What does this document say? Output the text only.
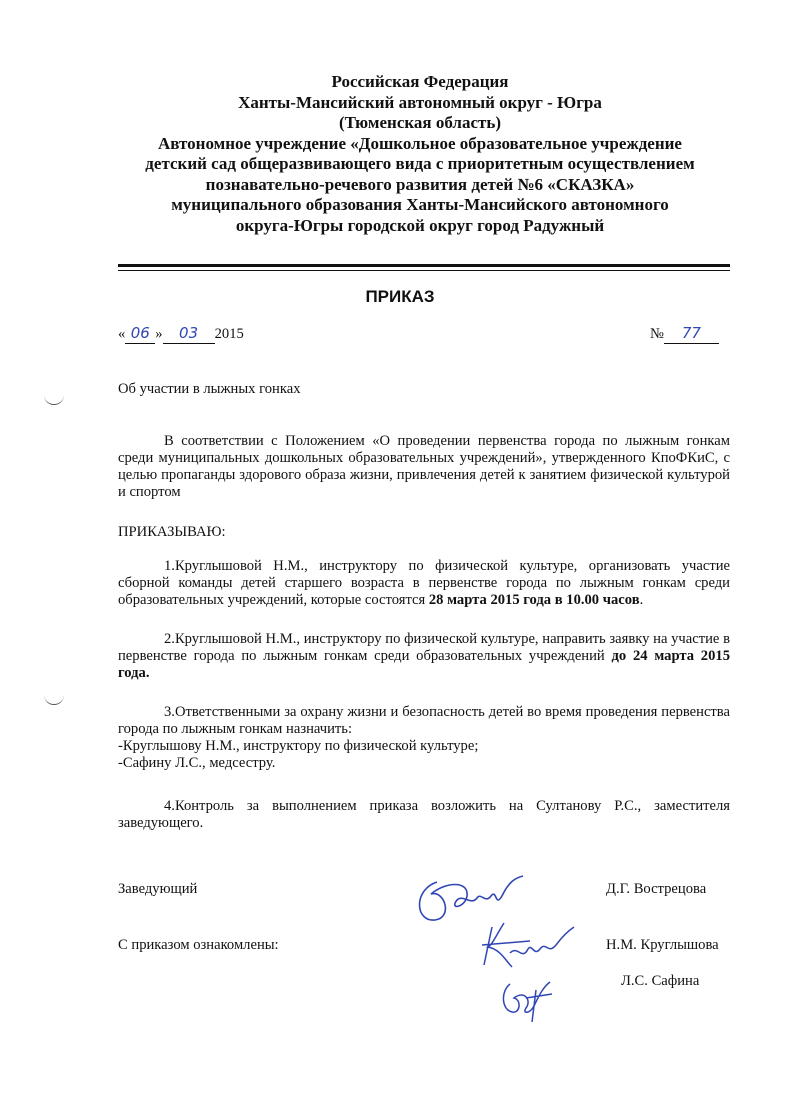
Российская Федерация
Ханты-Мансийский автономный округ - Югра
(Тюменская область)
Автономное учреждение «Дошкольное образовательное учреждение
детский сад общеразвивающего вида с приоритетным осуществлением
познавательно-речевого развития детей №6 «СКАЗКА»
муниципального образования Ханты-Мансийского автономного
округа-Югры городской округ город Радужный
ПРИКАЗ
« 06 » 03 2015	№ 77
Об участии в лыжных гонках
В соответствии с Положением «О проведении первенства города по лыжным гонкам среди муниципальных дошкольных образовательных учреждений», утвержденного КпоФКиС, с целью пропаганды здорового образа жизни, привлечения детей к занятием физической культурой и спортом
ПРИКАЗЫВАЮ:
1.Круглышовой Н.М., инструктору по физической культуре, организовать участие сборной команды детей старшего возраста в первенстве города по лыжным гонкам среди образовательных учреждений, которые состоятся 28 марта 2015 года в 10.00 часов.
2.Круглышовой Н.М., инструктору по физической культуре, направить заявку на участие в первенстве города по лыжным гонкам среди образовательных учреждений до 24 марта 2015 года.
3.Ответственными за охрану жизни и безопасность детей во время проведения первенства города по лыжным гонкам назначить:
-Круглышову Н.М., инструктору по физической культуре;
-Сафину Л.С., медсестру.
4.Контроль за выполнением приказа возложить на Султанову Р.С., заместителя заведующего.
Заведующий	Д.Г. Вострецова
С приказом ознакомлены:	Н.М. Круглышова
Л.С. Сафина
